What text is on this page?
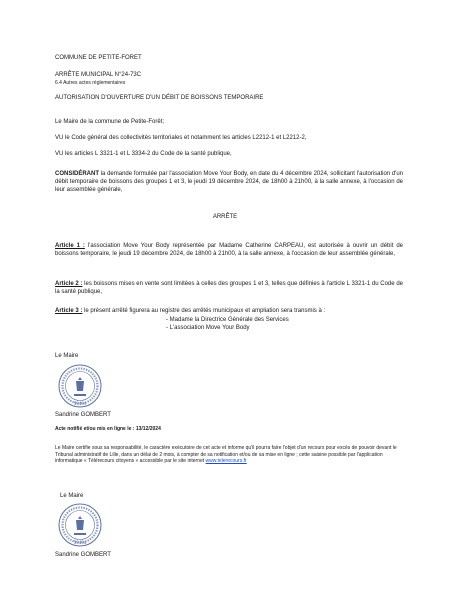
COMMUNE DE PETITE-FORET
ARRÊTE MUNICIPAL N°24-73C
6.4 Autres actes réglementaires
AUTORISATION D'OUVERTURE D'UN DÉBIT DE BOISSONS TEMPORAIRE
Le Maire de la commune de Petite-Forêt;
VU le Code général des collectivités territoriales et notamment les articles L2212-1 et L2212-2,
VU les articles L 3321-1 et L 3334-2 du Code de la santé publique,
CONSIDÉRANT la demande formulée par l'association Move Your Body, en date du 4 décembre 2024, sollicitant l'autorisation d'un débit temporaire de boissons des groupes 1 et 3, le jeudi 19 décembre 2024, de 18h00 à 21h00, à la salle annexe, à l'occasion de leur assemblée générale,
ARRÊTE
Article 1 : l'association Move Your Body représentée par Madame Catherine CARPEAU, est autorisée à ouvrir un débit de boissons temporaire, le jeudi 19 décembre 2024, de 18h00 à 21h00, à la salle annexe, à l'occasion de leur assemblée générale,
Article 2 : les boissons mises en vente sont limitées à celles des groupes 1 et 3, telles que définies à l'article L 3321-1 du Code de la santé publique,
Article 3 : le présent arrêté figurera au registre des arrêtés municipaux et ampliation sera transmis à :
- Madame la Directrice Générale des Services
- L'association Move Your Body
Le Maire
59494
Sandrine GOMBERT
Acte notifié et/ou mis en ligne le : 13/12/2024
Le Maire certifie sous sa responsabilité, le caractère exécutoire de cet acte et informe qu'il pourra faire l'objet d'un recours pour excès de pouvoir devant le Tribunal administratif de Lille, dans un délai de 2 mois, à compter de sa notification et/ou de sa mise en ligne ; cette saisine possible par l'application informatique « Télérecours citoyens » accessible par le site internet www.telerecours.fr
Le Maire
59494
Sandrine GOMBERT
